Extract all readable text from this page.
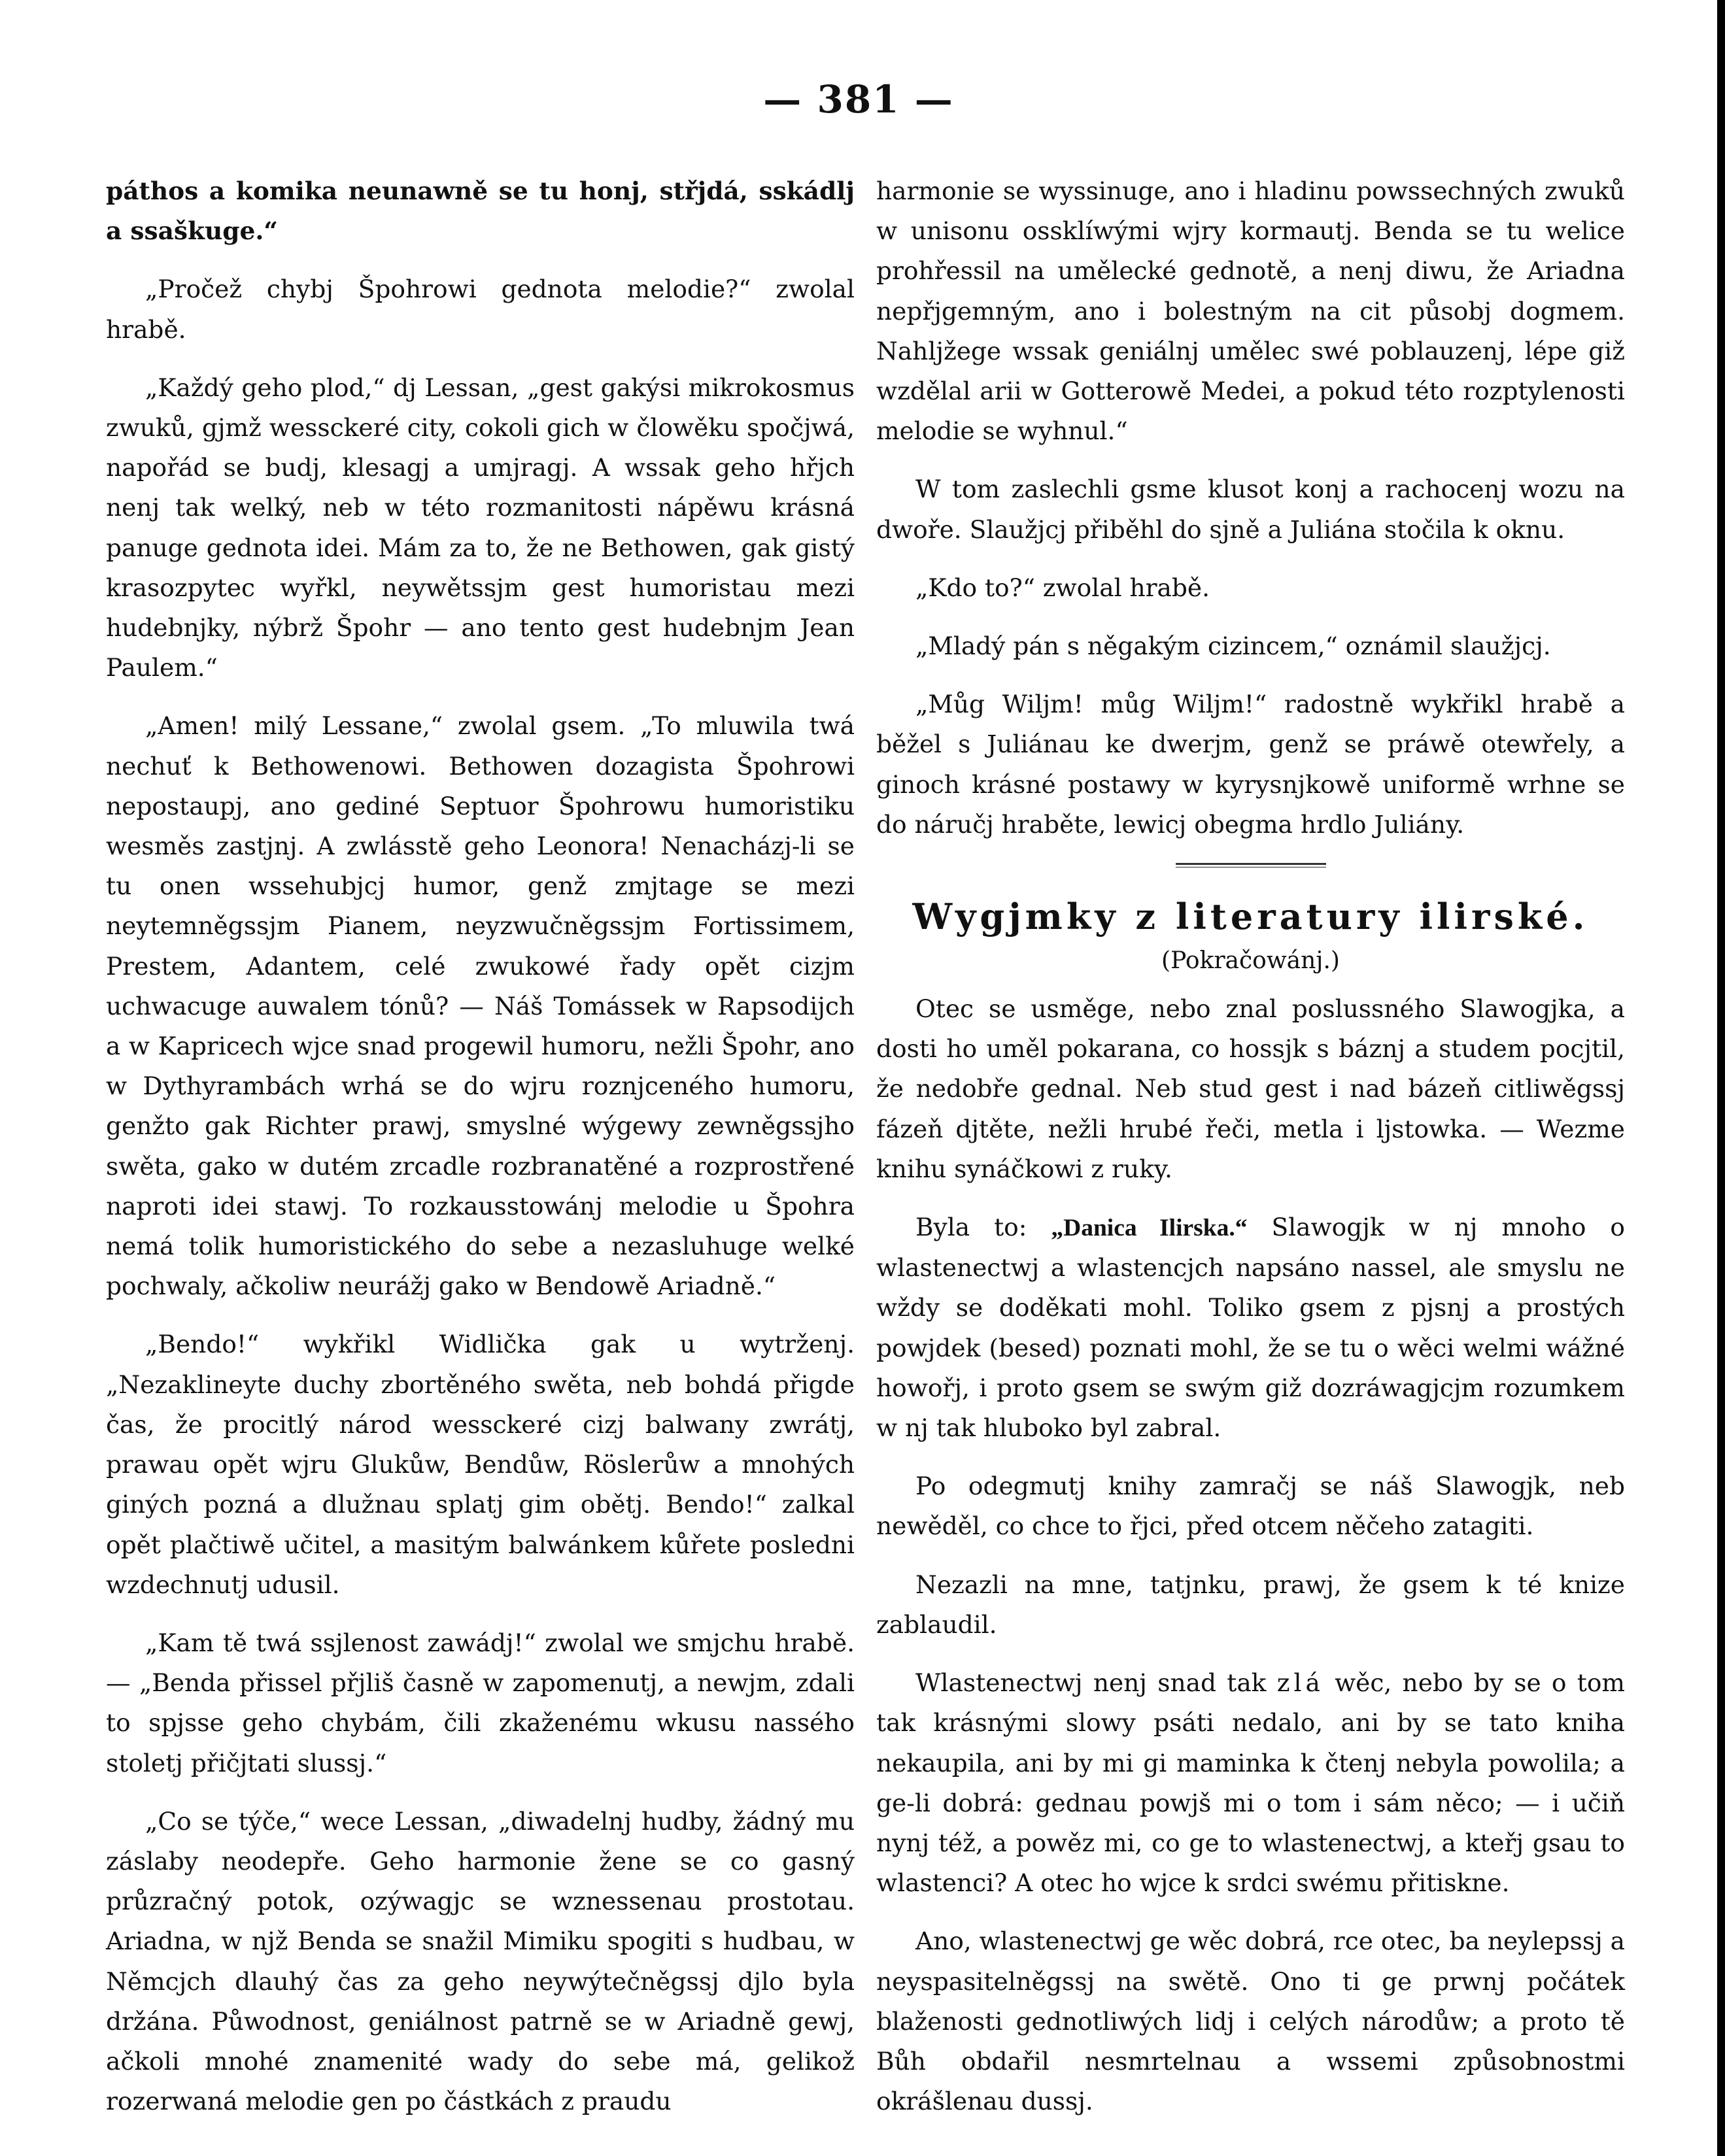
— 381 —

páthos a komika neunawně se tu honj, střjdá, sskádlj a ssaškuge.“

„Pročež chybj Špohrowi gednota melodie?“ zwolal hrabě.

„Každý geho plod,“ dj Lessan, „gest gakýsi mikrokosmus zwuků, gjmž wessckeré city, cokoli gich w člowěku spočjwá, napořád se budj, klesagj a umjragj. A wssak geho hřjch nenj tak welký, neb w této rozmanitosti nápěwu krásná panuge gednota idei. Mám za to, že ne Bethowen, gak gistý krasozpytec wyřkl, neywětssjm gest humoristau mezi hudebnjky, nýbrž Špohr — ano tento gest hudebnjm Jean Paulem.“

„Amen! milý Lessane,“ zwolal gsem. „To mluwila twá nechuť k Bethowenowi. Bethowen dozagista Špohrowi nepostaupj, ano gediné Septuor Špohrowu humoristiku wesměs zastjnj. A zwlásstě geho Leonora! Nenacházj-li se tu onen wssehubjcj humor, genž zmjtage se mezi neytemněgssjm Pianem, neyzwučněgssjm Fortissimem, Prestem, Adantem, celé zwukowé řady opět cizjm uchwacuge auwalem tónů? — Náš Tomássek w Rapsodijch a w Kapricech wjce snad progewil humoru, nežli Špohr, ano w Dythyrambách wrhá se do wjru roznjceného humoru, genžto gak Richter prawj, smyslné wýgewy zewněgssjho swěta, gako w dutém zrcadle rozbranatěné a rozprostřené naproti idei stawj. To rozkausstowánj melodie u Špohra nemá tolik humoristického do sebe a nezasluhuge welké pochwaly, ačkoliw neurážj gako w Bendowě Ariadně.“

„Bendo!“ wykřikl Widlička gak u wytrženj. „Nezaklinеyte duchy zbortěného swěta, neb bohdá přigde čas, že procitlý národ wessckeré cizj balwany zwrátj, prawau opět wjru Glukůw, Bendůw, Röslerůw a mnohých giných pozná a dlužnau splatj gim obětj. Bendo!“ zalkal opět plačtiwě učitel, a masitým balwánkem kůřete posledni wzdechnutj udusil.

„Kam tě twá ssjlenost zawádj!“ zwolal we smjchu hrabě. — „Benda přissel přjliš časně w zapomenutj, a newjm, zdali to spjsse geho chybám, čili zkaženému wkusu nassého stoletj přičjtati slussj.“

„Co se týče,“ wece Lessan, „diwadelnj hudby, žádný mu záslaby neodepře. Geho harmonie žene se co gasný průzračný potok, ozýwagjc se wznessenau prostotau. Ariadna, w njž Benda se snažil Mimiku spogiti s hudbau, w Němcjch dlauhý čas za geho neywýtečněgssj djlo byla držána. Půwodnost, geniálnost patrně se w Ariadně gewj, ačkoli mnohé znamenité wady do sebe má, gelikož rozerwaná melodie gen po částkách z praudu

harmonie se wyssinuge, ano i hladinu powssechných zwuků w unisonu ossklíwými wjry kormautj. Benda se tu welice prohřessil na umělecké gednotě, a nenj diwu, že Ariadna nepřjgemným, ano i bolestným na cit působj dogmem. Nahljžege wssak geniálnj umělec swé poblauzenj, lépe giž wzdělal arii w Gotterowě Medei, a pokud této rozptylenosti melodie se wyhnul.“

W tom zaslechli gsme klusot konj a rachocenj wozu na dwoře. Slaužjcj přiběhl do sjně a Juliána stočila k oknu.

„Kdo to?“ zwolal hrabě.

„Mladý pán s něgakým cizincem,“ oznámil slaužjcj.

„Můg Wiljm! můg Wiljm!“ radostně wykřikl hrabě a běžel s Juliánau ke dwerjm, genž se práwě otewřely, a ginoch krásné postawy w kyrysnjkowě uniformě wrhne se do náručj hraběte, lewicj obegma hrdlo Juliány.

Wygjmky z literatury ilirské.
(Pokračowánj.)

Otec se usměge, nebo znal poslussného Slawogjka, a dosti ho uměl pokarana, co hossjk s báznj a studem pocjtil, že nedobře gednal. Neb stud gest i nad bázeň citliwěgssj fázeň djtěte, nežli hrubé řeči, metla i ljstowka. — Wezme knihu synáčkowi z ruky.

Byla to: „Danica Ilirska.“ Slawogjk w nj mnoho o wlastenectwj a wlastencjch napsáno nassel, ale smyslu ne wždy se doděkati mohl. Toliko gsem z pjsnj a prostých powjdek (besed) poznati mohl, že se tu o wěci welmi wážné howořj, i proto gsem se swým giž dozráwagjcjm rozumkem w nj tak hluboko byl zabral.

Po odegmutj knihy zamračj se náš Slawogjk, neb newěděl, co chce to řjci, před otcem něčeho zatagiti.

Nezazli na mne, tatjnku, prawj, že gsem k té knize zablaudil.

Wlastenectwj nenj snad tak zlá wěc, nebo by se o tom tak krásnými slowy psáti nedalo, ani by se tato kniha nekaupila, ani by mi gi maminka k čtenj nebyla powolila; a ge-li dobrá: gednau powjš mi o tom i sám něco; — i učiň nynj též, a powěz mi, co ge to wlastenectwj, a kteřj gsau to wlastenci? A otec ho wjce k srdci swému přitiskne.

Ano, wlastenectwj ge wěc dobrá, rce otec, ba neylepssj a neyspasitelněgssj na swětě. Ono ti ge prwnj počátek blaženosti gednotliwých lidj i celých národůw; a proto tě Bůh obdařil nesmrtelnau a wssemi způsobnostmi okrášlenau dussj.
